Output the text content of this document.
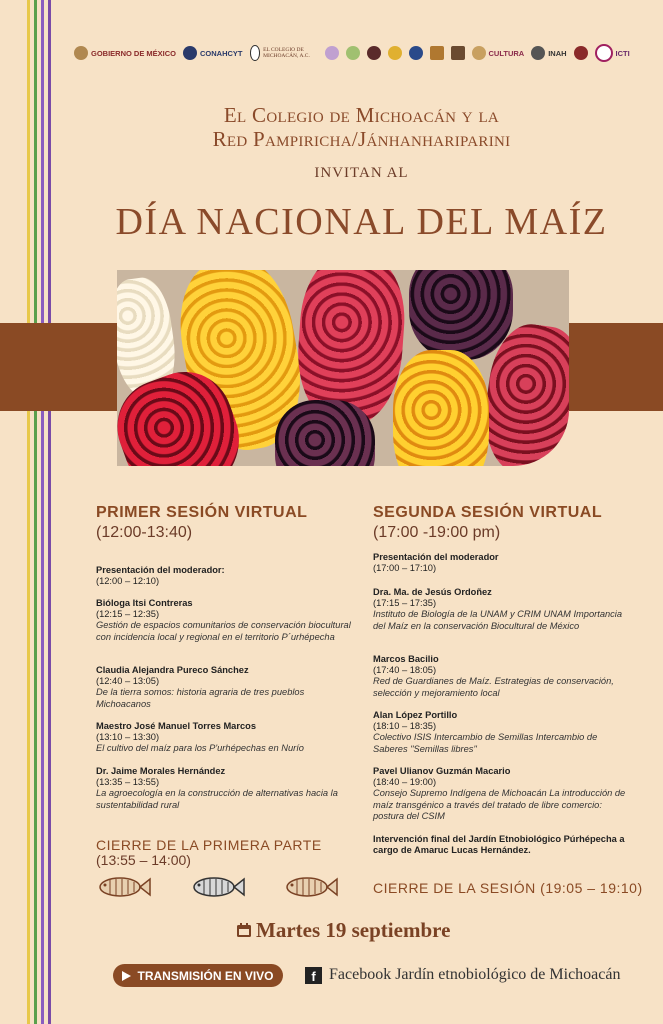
GOBIERNO DE MÉXICO	CONAHCYT	EL COLEGIO DE MICHOACÁN, A.C.	CULTURA	INAH	ICTI
El Colegio de Michoacán y la
Red Pampiricha/Jánhanhariparini
INVITAN AL
DÍA NACIONAL DEL MAÍZ
PRIMER SESIÓN VIRTUAL
(12:00-13:40)
Presentación del moderador:
(12:00 – 12:10)
Bióloga Itsi Contreras
(12:15 – 12:35)
Gestión de espacios comunitarios de conservación biocultural con incidencia local y regional en el territorio P´urhépecha
Claudia Alejandra Pureco Sánchez
(12:40 – 13:05)
De la tierra somos: historia agraria de tres pueblos Michoacanos
Maestro José Manuel Torres Marcos
(13:10 – 13:30)
El cultivo del maíz para los P'urhépechas en Nurío
Dr. Jaime Morales Hernández
(13:35 – 13:55)
La agroecología en la construcción de alternativas hacia la sustentabilidad rural
CIERRE DE LA PRIMERA PARTE
(13:55 – 14:00)
SEGUNDA SESIÓN VIRTUAL
(17:00 -19:00 pm)
Presentación del moderador
(17:00 – 17:10)
Dra. Ma. de Jesús Ordoñez
(17:15 – 17:35)
Instituto de Biología de la UNAM y CRIM UNAM Importancia del Maíz en la conservación Biocultural de México
Marcos Bacilio
(17:40 – 18:05)
Red de Guardianes de Maíz. Estrategias de conservación, selección y mejoramiento local
Alan López Portillo
(18:10 – 18:35)
Colectivo ISIS Intercambio de Semillas Intercambio de Saberes "Semillas libres"
Pavel Ulianov Guzmán Macario
(18:40 – 19:00)
Consejo Supremo Indígena de Michoacán La introducción de maíz transgénico a través del tratado de libre comercio: postura del CSIM
Intervención final del Jardín Etnobiológico Púrhépecha a cargo de Amaruc Lucas Hernández.
CIERRE DE LA SESIÓN (19:05 – 19:10)
Martes 19 septiembre
TRANSMISIÓN EN VIVO	f Facebook Jardín etnobiológico de Michoacán
